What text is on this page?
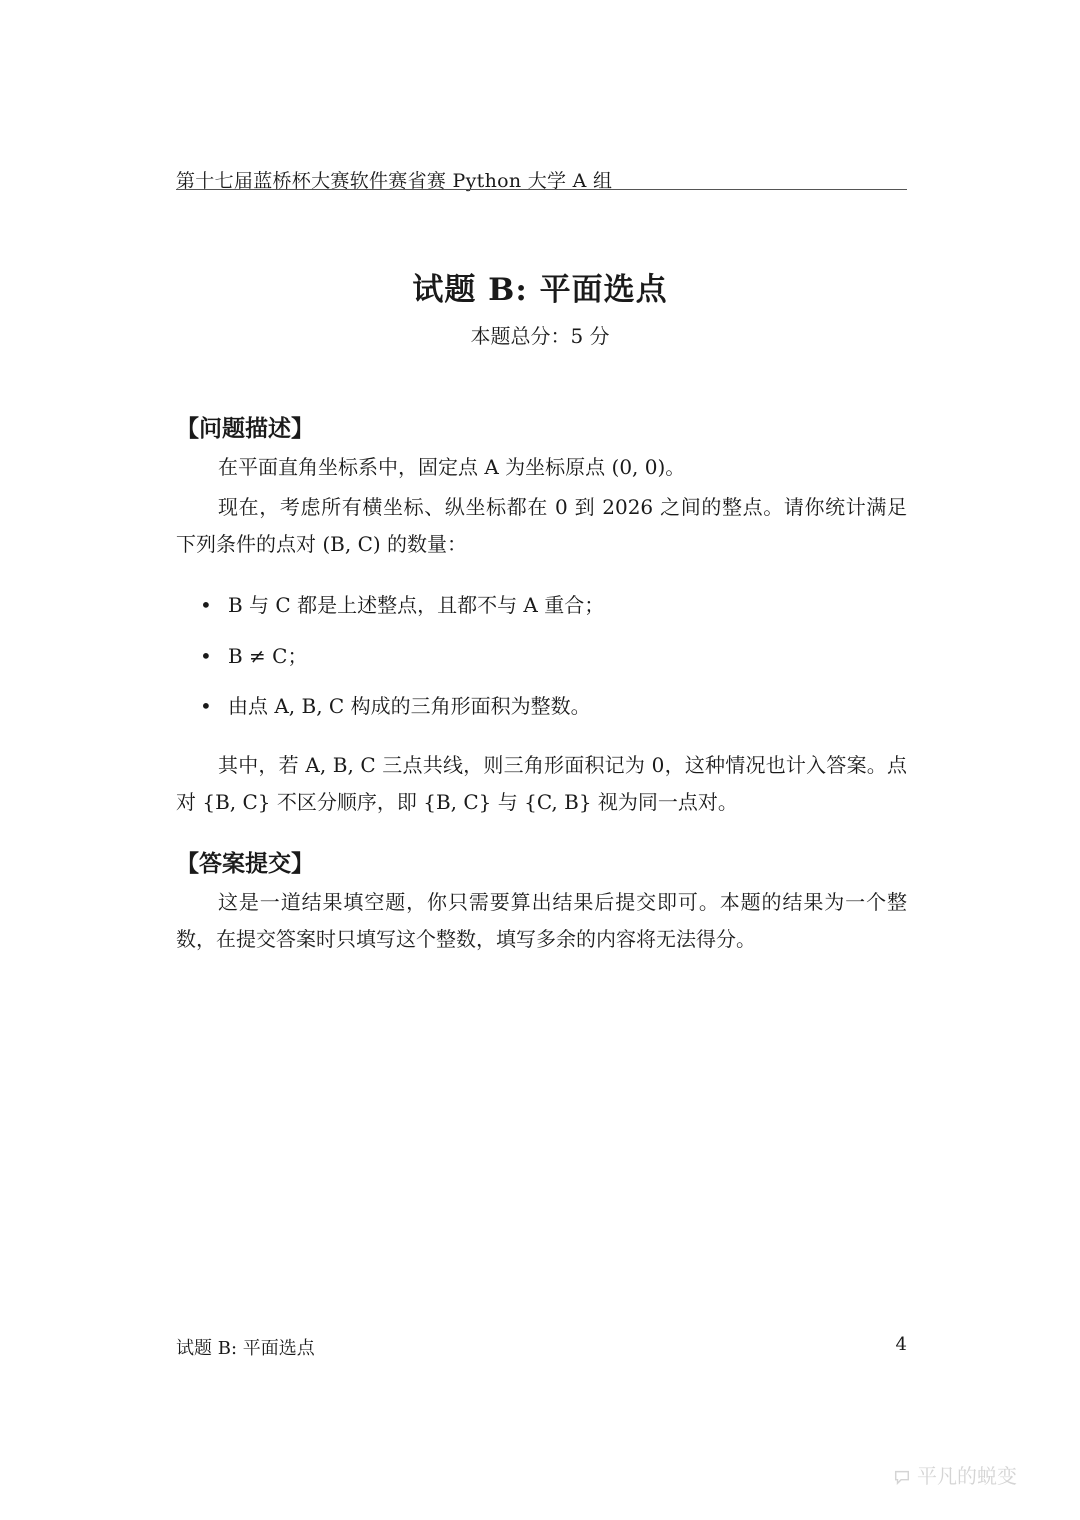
第十七届蓝桥杯大赛软件赛省赛 Python 大学 A 组
试题 B: 平面选点
本题总分：5 分
【问题描述】
在平面直角坐标系中，固定点 A 为坐标原点 (0, 0)。
现在，考虑所有横坐标、纵坐标都在 0 到 2026 之间的整点。请你统计满足下列条件的点对 (B, C) 的数量：
• B 与 C 都是上述整点，且都不与 A 重合；
• B ≠ C；
• 由点 A, B, C 构成的三角形面积为整数。
其中，若 A, B, C 三点共线，则三角形面积记为 0，这种情况也计入答案。点对 {B, C} 不区分顺序，即 {B, C} 与 {C, B} 视为同一点对。
【答案提交】
这是一道结果填空题，你只需要算出结果后提交即可。本题的结果为一个整数，在提交答案时只填写这个整数，填写多余的内容将无法得分。
试题 B: 平面选点	4
平凡的蜕变
